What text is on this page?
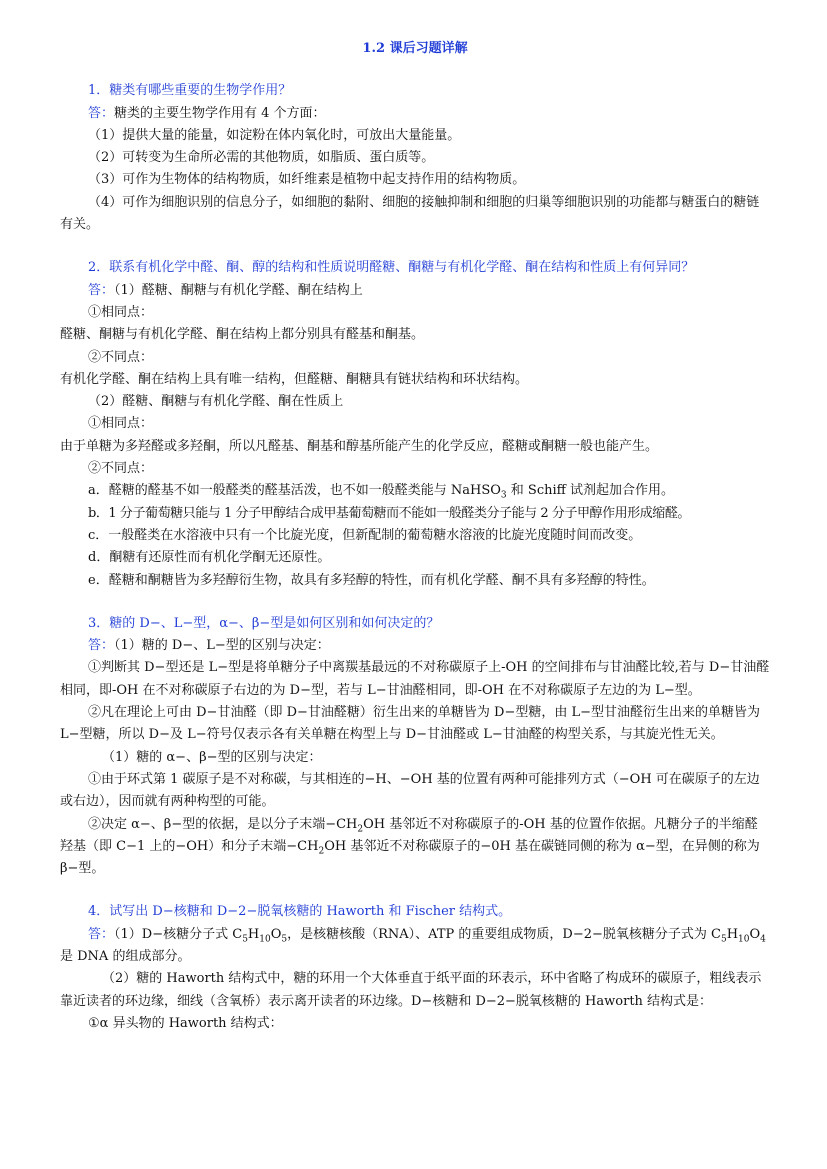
1.2 课后习题详解

1．糖类有哪些重要的生物学作用？

答：糖类的主要生物学作用有 4 个方面：

（1）提供大量的能量，如淀粉在体内氧化时，可放出大量能量。

（2）可转变为生命所必需的其他物质，如脂质、蛋白质等。

（3）可作为生物体的结构物质，如纤维素是植物中起支持作用的结构物质。

（4）可作为细胞识别的信息分子，如细胞的黏附、细胞的接触抑制和细胞的归巢等细胞识别的功能都与糖蛋白的糖链有关。

2．联系有机化学中醛、酮、醇的结构和性质说明醛糖、酮糖与有机化学醛、酮在结构和性质上有何异同？

答：（1）醛糖、酮糖与有机化学醛、酮在结构上

①相同点：

醛糖、酮糖与有机化学醛、酮在结构上都分别具有醛基和酮基。

②不同点：

有机化学醛、酮在结构上具有唯一结构，但醛糖、酮糖具有链状结构和环状结构。

（2）醛糖、酮糖与有机化学醛、酮在性质上

①相同点：

由于单糖为多羟醛或多羟酮，所以凡醛基、酮基和醇基所能产生的化学反应，醛糖或酮糖一般也能产生。

②不同点：

a．醛糖的醛基不如一般醛类的醛基活泼，也不如一般醛类能与 NaHSO$_3$ 和 Schiff 试剂起加合作用。

b．1 分子葡萄糖只能与 1 分子甲醇结合成甲基葡萄糖而不能如一般醛类分子能与 2 分子甲醇作用形成缩醛。

c．一般醛类在水溶液中只有一个比旋光度，但新配制的葡萄糖水溶液的比旋光度随时间而改变。

d．酮糖有还原性而有机化学酮无还原性。

e．醛糖和酮糖皆为多羟醇衍生物，故具有多羟醇的特性，而有机化学醛、酮不具有多羟醇的特性。

3．糖的 D−、L−型，α−、β−型是如何区别和如何决定的？

答：（1）糖的 D−、L−型的区别与决定：

①判断其 D−型还是 L−型是将单糖分子中离羰基最远的不对称碳原子上-OH 的空间排布与甘油醛比较,若与 D−甘油醛相同，即-OH 在不对称碳原子右边的为 D−型，若与 L−甘油醛相同，即-OH 在不对称碳原子左边的为 L−型。

②凡在理论上可由 D−甘油醛（即 D−甘油醛糖）衍生出来的单糖皆为 D−型糖，由 L−型甘油醛衍生出来的单糖皆为 L−型糖，所以 D−及 L−符号仅表示各有关单糖在构型上与 D−甘油醛或 L−甘油醛的构型关系，与其旋光性无关。

（1）糖的 α−、β−型的区别与决定：

①由于环式第 1 碳原子是不对称碳，与其相连的−H、−OH 基的位置有两种可能排列方式（−OH 可在碳原子的左边或右边），因而就有两种构型的可能。

②决定 α−、β−型的依据，是以分子末端$-CH_2OH$ 基邻近不对称碳原子的-OH 基的位置作依据。凡糖分子的半缩醛羟基（即 C−1 上的−OH）和分子末端$-CH_2OH$ 基邻近不对称碳原子的−0H 基在碳链同侧的称为 α−型，在异侧的称为 β−型。

4．试写出 D−核糖和 D−2−脱氧核糖的 Haworth 和 Fischer 结构式。

答：（1）D−核糖分子式 $C_5H_{10}O_5$，是核糖核酸（RNA）、ATP 的重要组成物质，D−2−脱氧核糖分子式为 $C_5H_{10}O_4$ 是 DNA 的组成部分。

（2）糖的 Haworth 结构式中，糖的环用一个大体垂直于纸平面的环表示，环中省略了构成环的碳原子，粗线表示靠近读者的环边缘，细线（含氧桥）表示离开读者的环边缘。D−核糖和 D−2−脱氧核糖的 Haworth 结构式是：

①α 异头物的 Haworth 结构式：
